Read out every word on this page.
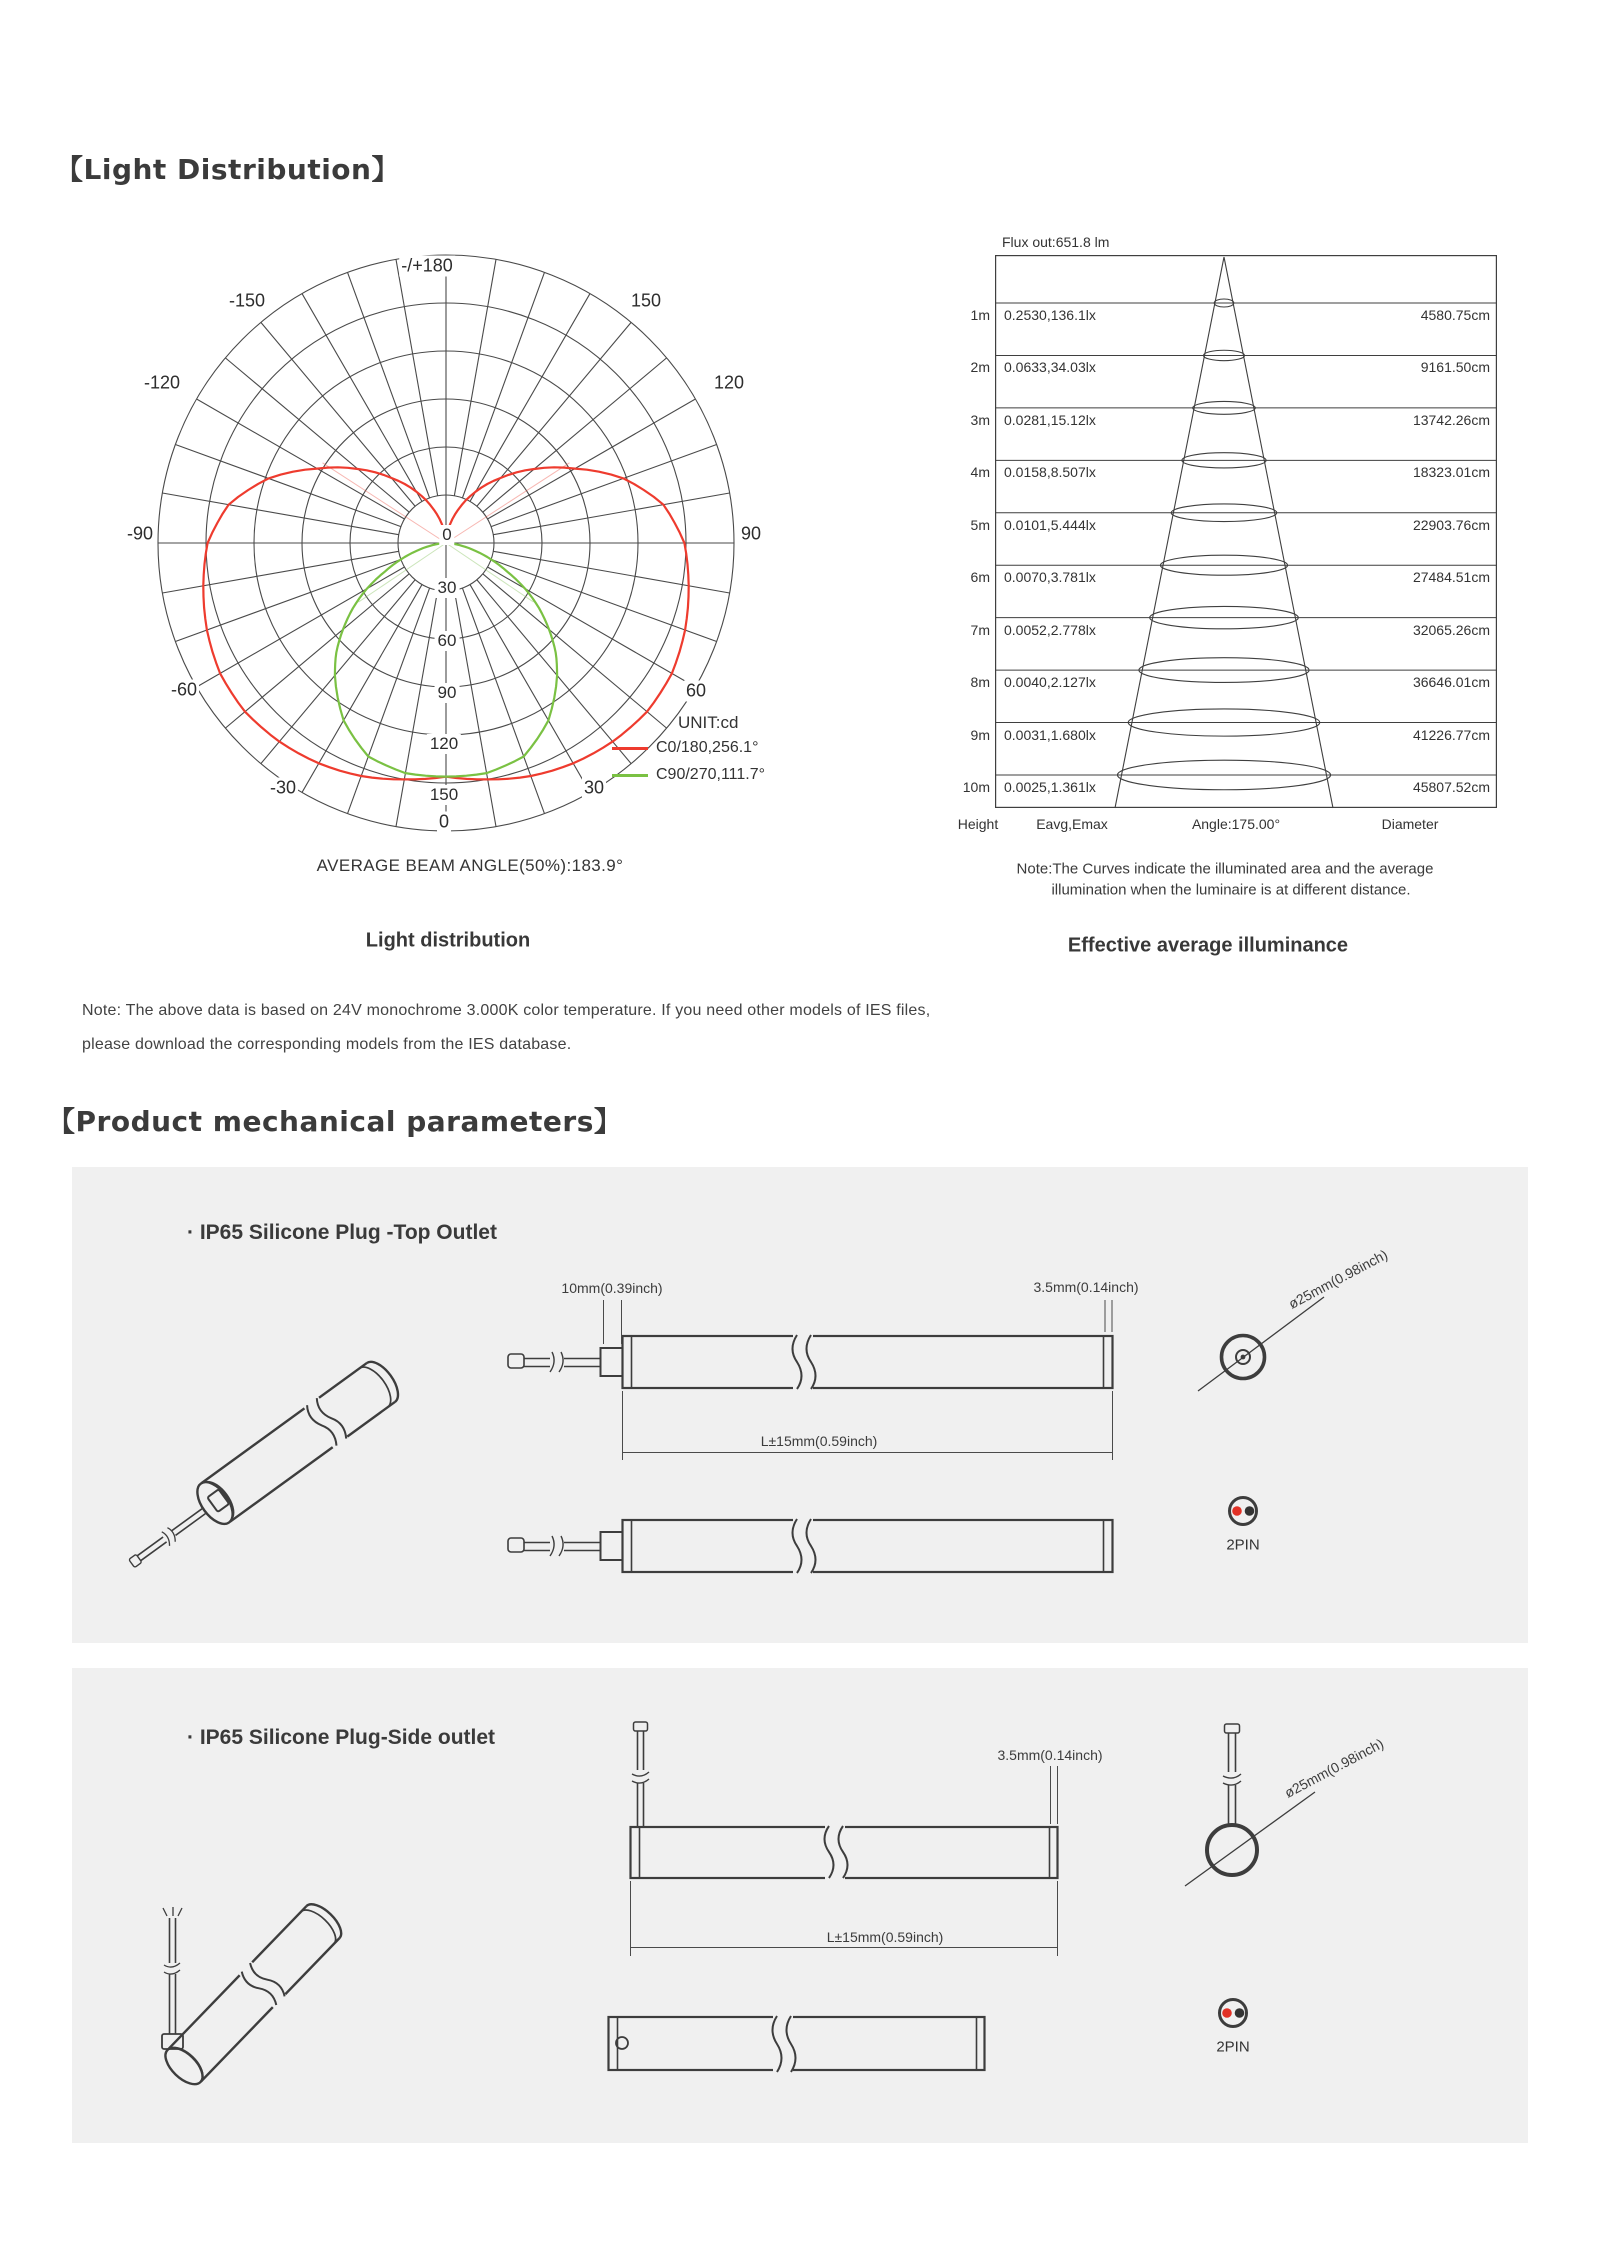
【Light Distribution】
-/+180
-150	150
-120	120
-90	90
-60	60
-30	30
0
0
30
60
90
120
150
UNIT:cd
C0/180,256.1°
C90/270,111.7°
AVERAGE BEAM ANGLE(50%):183.9°
Light distribution
Flux out:651.8 lm
1m 0.2530,136.1lx	4580.75cm
2m 0.0633,34.03lx	9161.50cm
3m 0.0281,15.12lx	13742.26cm
4m 0.0158,8.507lx	18323.01cm
5m 0.0101,5.444lx	22903.76cm
6m 0.0070,3.781lx	27484.51cm
7m 0.0052,2.778lx	32065.26cm
8m 0.0040,2.127lx	36646.01cm
9m 0.0031,1.680lx	41226.77cm
10m 0.0025,1.361lx	45807.52cm
Height	Eavg,Emax	Angle:175.00°	Diameter
Note:The Curves indicate the illuminated area and the average
illumination when the luminaire is at different distance.
Effective average illuminance
Note: The above data is based on 24V monochrome 3.000K color temperature. If you need other models of IES files,
please download the corresponding models from the IES database.
【Product mechanical parameters】
· IP65 Silicone Plug -Top Outlet
10mm(0.39inch)	3.5mm(0.14inch)
L±15mm(0.59inch)
ø25mm(0.98inch)
2PIN
· IP65 Silicone Plug-Side outlet
3.5mm(0.14inch)
L±15mm(0.59inch)
ø25mm(0.98inch)
2PIN
